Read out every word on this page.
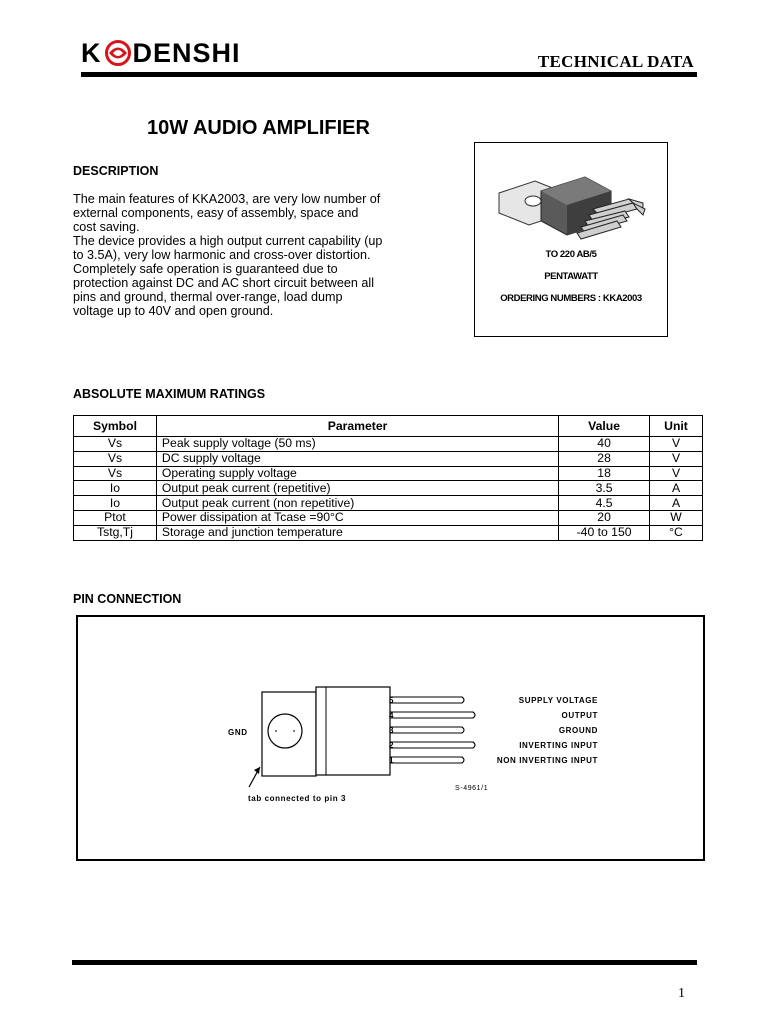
K DENSHI	TECHNICAL DATA
10W AUDIO AMPLIFIER
DESCRIPTION

The main features of KKA2003, are very low number of external components, easy of assembly, space and cost saving.

The device provides a high output current capability (up to 3.5A), very low harmonic and cross-over distortion.

Completely safe operation is guaranteed due to protection against DC and AC short circuit between all pins and ground, thermal over-range, load dump voltage up to 40V and open ground.

TO 220 AB/5
PENTAWATT
ORDERING NUMBERS : KKA2003
ABSOLUTE MAXIMUM RATINGS
Symbol	Parameter	Value	Unit
Vs	Peak supply voltage (50 ms)	40	V
Vs	DC supply voltage	28	V
Vs	Operating supply voltage	18	V
Io	Output peak current (repetitive)	3.5	A
Io	Output peak current (non repetitive)	4.5	A
Ptot	Power dissipation at Tcase =90°C	20	W
Tstg,Tj	Storage and junction temperature	-40 to 150	°C
PIN CONNECTION
5
4
3
2
1
SUPPLY VOLTAGE
OUTPUT
GROUND
INVERTING INPUT
NON INVERTING INPUT
GND
tab connected to pin 3
S-4961/1
1
